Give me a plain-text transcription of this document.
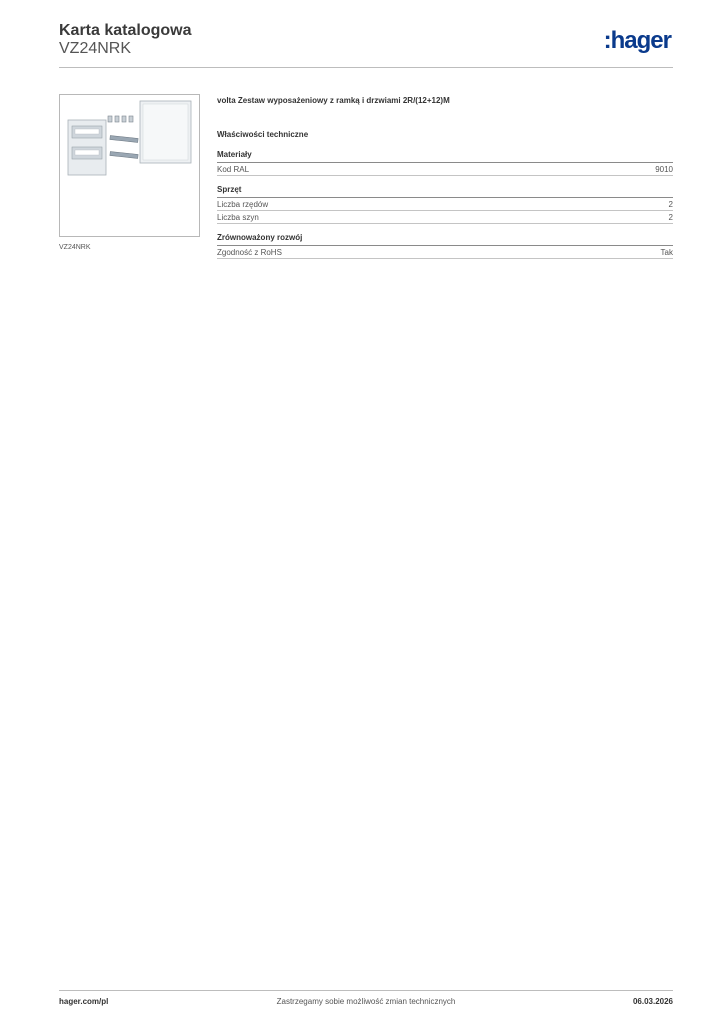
Karta katalogowa
VZ24NRK	:hager
VZ24NRK
volta Zestaw wyposażeniowy z ramką i drzwiami 2R/(12+12)M
Właściwości techniczne
Materiały
Kod RAL	9010
Sprzęt
Liczba rzędów	2
Liczba szyn	2
Zrównoważony rozwój
Zgodność z RoHS	Tak
hager.com/pl	Zastrzegamy sobie możliwość zmian technicznych	06.03.2026
